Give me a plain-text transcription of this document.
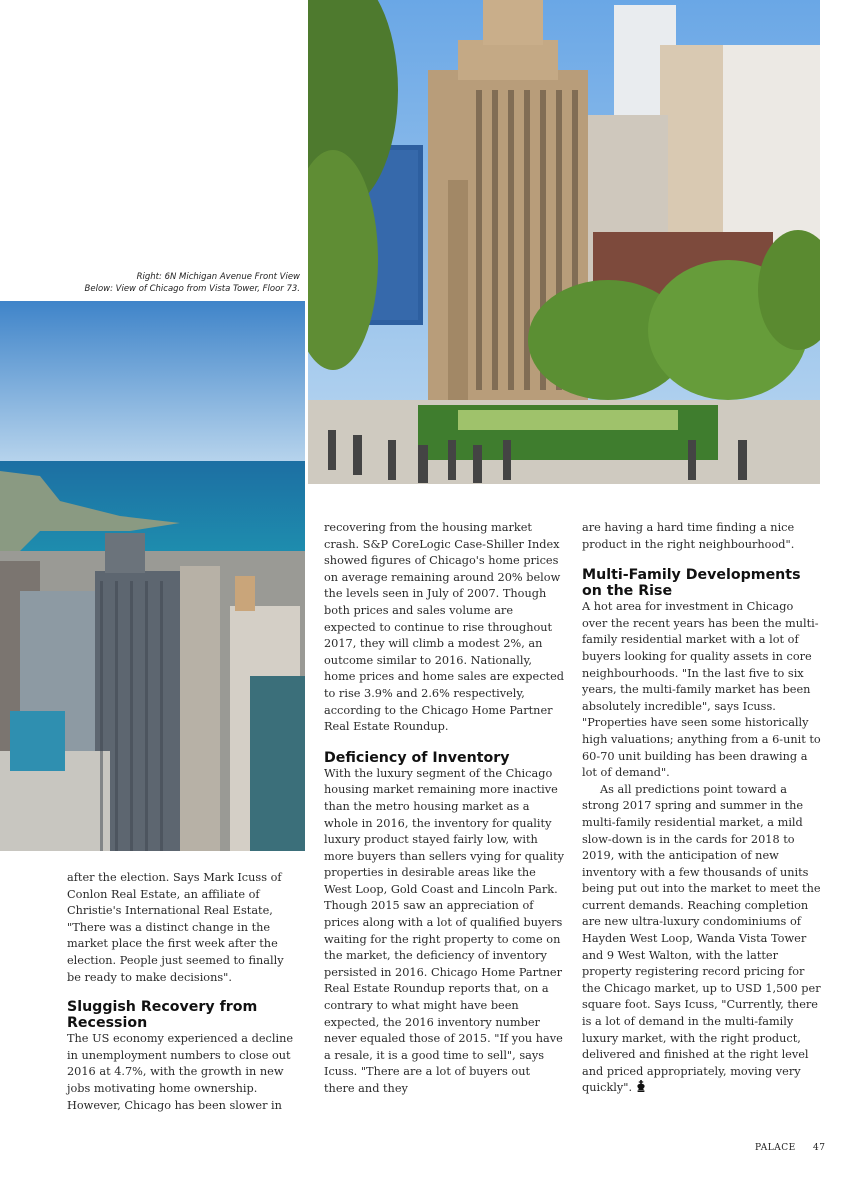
Right: 6N Michigan Avenue Front View
Below: View of Chicago from Vista Tower, Floor 73.

after the election. Says Mark Icuss of Conlon Real Estate, an affiliate of Christie's International Real Estate, "There was a distinct change in the market place the first week after the election. People just seemed to finally be ready to make decisions".

Sluggish Recovery from Recession

The US economy experienced a decline in unemployment numbers to close out 2016 at 4.7%, with the growth in new jobs motivating home ownership. However, Chicago has been slower in

recovering from the housing market crash. S&P CoreLogic Case-Shiller Index showed figures of Chicago's home prices on average remaining around 20% below the levels seen in July of 2007. Though both prices and sales volume are expected to continue to rise throughout 2017, they will climb a modest 2%, an outcome similar to 2016. Nationally, home prices and home sales are expected to rise 3.9% and 2.6% respectively, according to the Chicago Home Partner Real Estate Roundup.

Deficiency of Inventory

With the luxury segment of the Chicago housing market remaining more inactive than the metro housing market as a whole in 2016, the inventory for quality luxury product stayed fairly low, with more buyers than sellers vying for quality properties in desirable areas like the West Loop, Gold Coast and Lincoln Park. Though 2015 saw an appreciation of prices along with a lot of qualified buyers waiting for the right property to come on the market, the deficiency of inventory persisted in 2016. Chicago Home Partner Real Estate Roundup reports that, on a contrary to what might have been expected, the 2016 inventory number never equaled those of 2015. "If you have a resale, it is a good time to sell", says Icuss. "There are a lot of buyers out there and they

are having a hard time finding a nice product in the right neighbourhood".

Multi-Family Developments on the Rise

A hot area for investment in Chicago over the recent years has been the multi-family residential market with a lot of buyers looking for quality assets in core neighbourhoods. "In the last five to six years, the multi-family market has been absolutely incredible", says Icuss. "Properties have seen some historically high valuations; anything from a 6-unit to 60-70 unit building has been drawing a lot of demand".

As all predictions point toward a strong 2017 spring and summer in the multi-family residential market, a mild slow-down is in the cards for 2018 to 2019, with the anticipation of new inventory with a few thousands of units being put out into the market to meet the current demands. Reaching completion are new ultra-luxury condominiums of Hayden West Loop, Wanda Vista Tower and 9 West Walton, with the latter property registering record pricing for the Chicago market, up to USD 1,500 per square foot. Says Icuss, "Currently, there is a lot of demand in the multi-family luxury market, with the right product, delivered and finished at the right level and priced appropriately, moving very quickly".

PALACE 47
